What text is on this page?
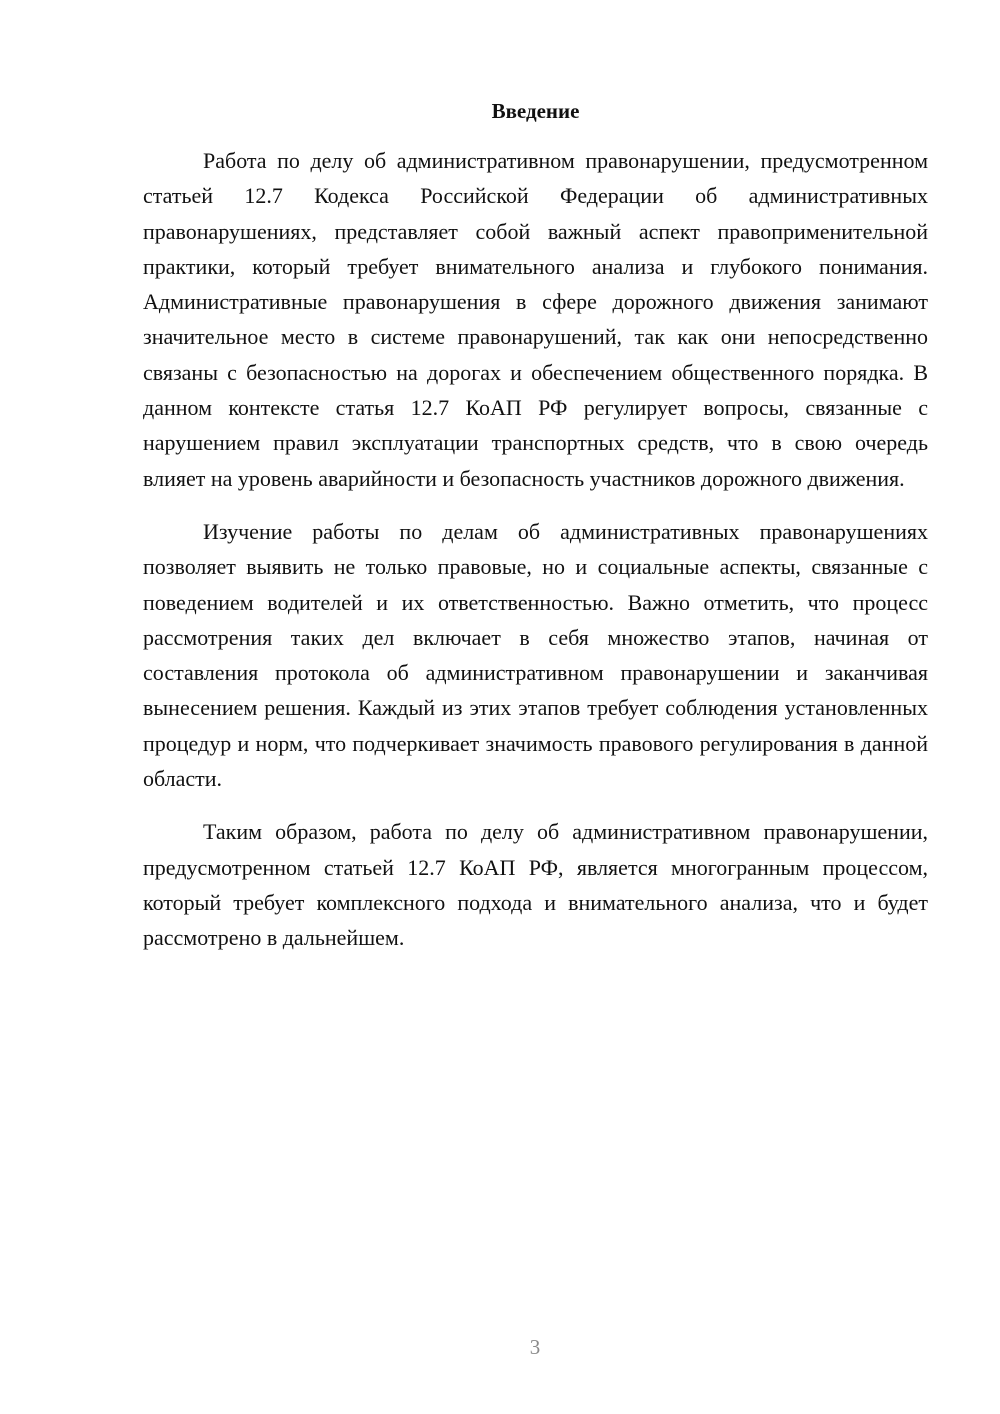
Введение

Работа по делу об административном правонарушении, предусмотренном статьей 12.7 Кодекса Российской Федерации об административных правонарушениях, представляет собой важный аспект правоприменительной практики, который требует внимательного анализа и глубокого понимания. Административные правонарушения в сфере дорожного движения занимают значительное место в системе правонарушений, так как они непосредственно связаны с безопасностью на дорогах и обеспечением общественного порядка. В данном контексте статья 12.7 КоАП РФ регулирует вопросы, связанные с нарушением правил эксплуатации транспортных средств, что в свою очередь влияет на уровень аварийности и безопасность участников дорожного движения.

Изучение работы по делам об административных правонарушениях позволяет выявить не только правовые, но и социальные аспекты, связанные с поведением водителей и их ответственностью. Важно отметить, что процесс рассмотрения таких дел включает в себя множество этапов, начиная от составления протокола об административном правонарушении и заканчивая вынесением решения. Каждый из этих этапов требует соблюдения установленных процедур и норм, что подчеркивает значимость правового регулирования в данной области.

Таким образом, работа по делу об административном правонарушении, предусмотренном статьей 12.7 КоАП РФ, является многогранным процессом, который требует комплексного подхода и внимательного анализа, что и будет рассмотрено в дальнейшем.

3
